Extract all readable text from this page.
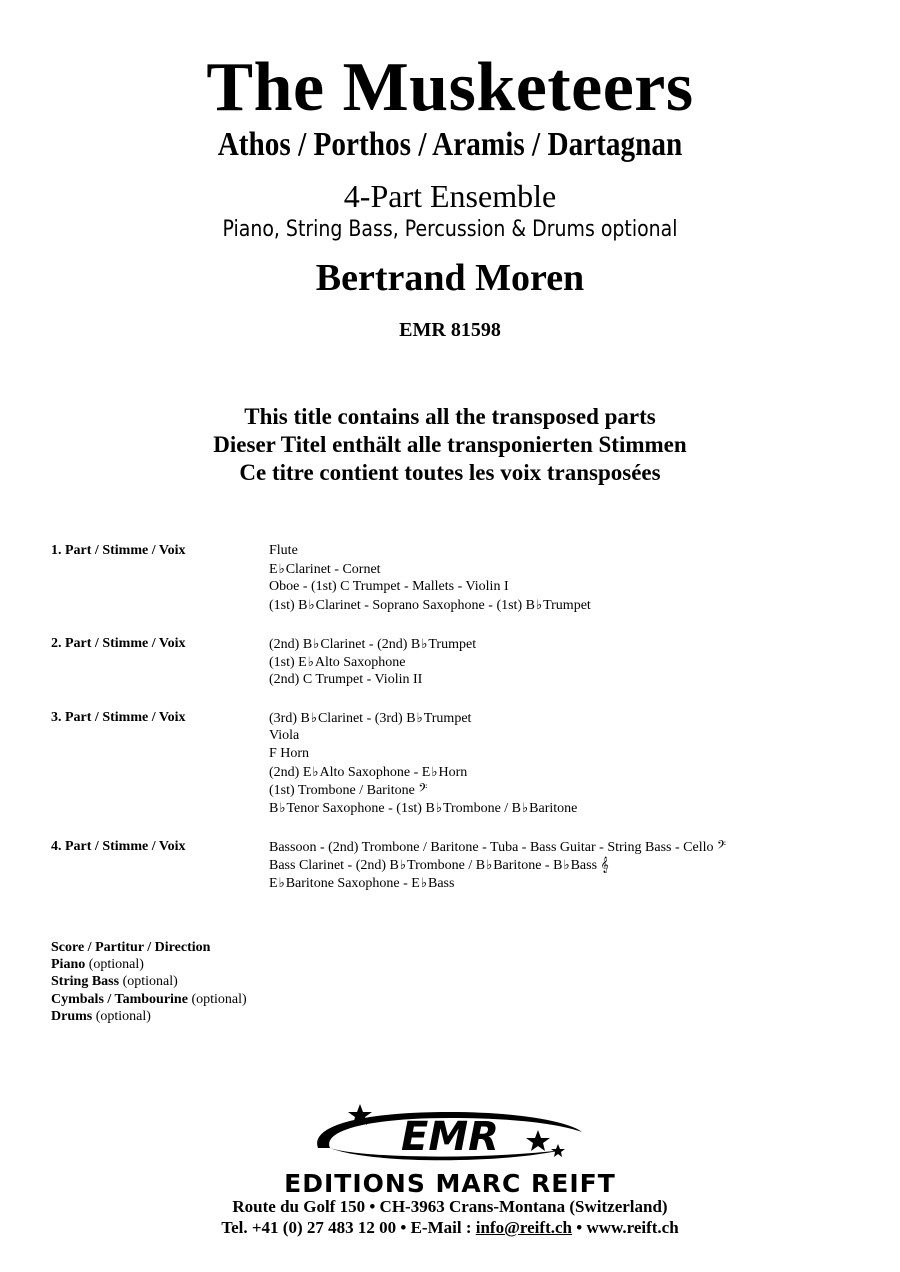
The Musketeers
Athos / Porthos / Aramis / Dartagnan
4-Part Ensemble
Piano, String Bass, Percussion & Drums optional
Bertrand Moren
EMR 81598
This title contains all the transposed parts
Dieser Titel enthält alle transponierten Stimmen
Ce titre contient toutes les voix transposées
1. Part / Stimme / Voix	Flute
E♭Clarinet - Cornet
Oboe - (1st) C Trumpet - Mallets - Violin I
(1st) B♭Clarinet - Soprano Saxophone - (1st) B♭Trumpet
2. Part / Stimme / Voix	(2nd) B♭Clarinet - (2nd) B♭Trumpet
(1st) E♭Alto Saxophone
(2nd) C Trumpet - Violin II
3. Part / Stimme / Voix	(3rd) B♭Clarinet - (3rd) B♭Trumpet
Viola
F Horn
(2nd) E♭Alto Saxophone - E♭Horn
(1st) Trombone / Baritone 𝄢
B♭Tenor Saxophone - (1st) B♭Trombone / B♭Baritone
4. Part / Stimme / Voix	Bassoon - (2nd) Trombone / Baritone - Tuba - Bass Guitar - String Bass - Cello 𝄢
Bass Clarinet - (2nd) B♭Trombone / B♭Baritone - B♭Bass 𝄞
E♭Baritone Saxophone - E♭Bass
Score / Partitur / Direction
Piano (optional)
String Bass (optional)
Cymbals / Tambourine (optional)
Drums (optional)
EMR
EDITIONS MARC REIFT
Route du Golf 150 • CH-3963 Crans-Montana (Switzerland)
Tel. +41 (0) 27 483 12 00 • E-Mail : info@reift.ch • www.reift.ch
